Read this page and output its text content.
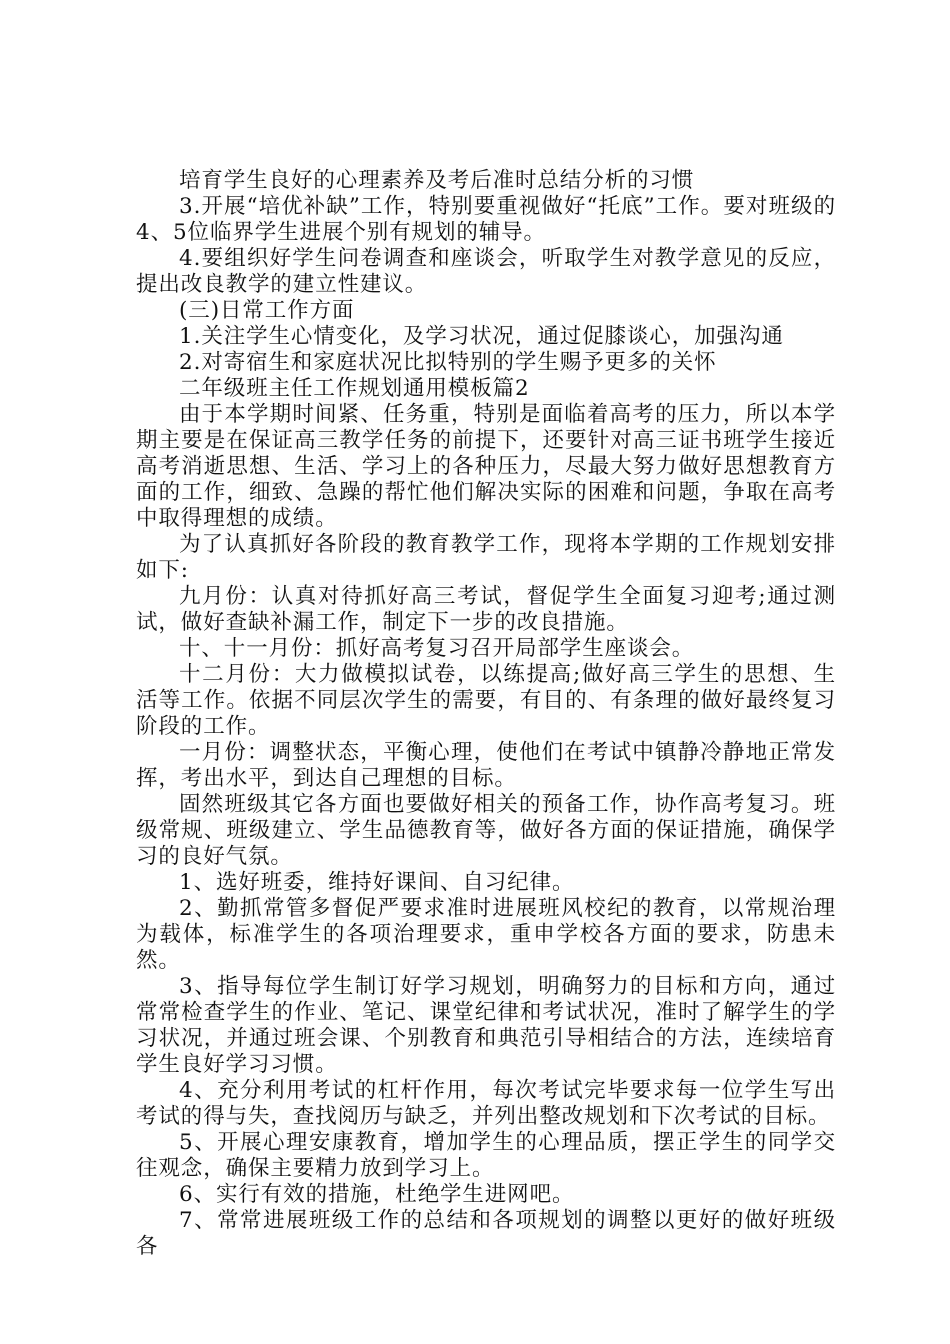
培育学生良好的心理素养及考后准时总结分析的习惯

3.开展“培优补缺”工作，特别要重视做好“托底”工作。要对班级的4、5位临界学生进展个别有规划的辅导。

4.要组织好学生问卷调查和座谈会，听取学生对教学意见的反应，提出改良教学的建立性建议。

(三)日常工作方面

1.关注学生心情变化，及学习状况，通过促膝谈心，加强沟通

2.对寄宿生和家庭状况比拟特别的学生赐予更多的关怀

二年级班主任工作规划通用模板篇2

由于本学期时间紧、任务重，特别是面临着高考的压力，所以本学期主要是在保证高三教学任务的前提下，还要针对高三证书班学生接近高考消逝思想、生活、学习上的各种压力，尽最大努力做好思想教育方面的工作，细致、急躁的帮忙他们解决实际的困难和问题，争取在高考中取得理想的成绩。

为了认真抓好各阶段的教育教学工作，现将本学期的工作规划安排如下:

九月份：认真对待抓好高三考试，督促学生全面复习迎考;通过测试，做好查缺补漏工作，制定下一步的改良措施。

十、十一月份：抓好高考复习召开局部学生座谈会。

十二月份：大力做模拟试卷，以练提高;做好高三学生的思想、生活等工作。依据不同层次学生的需要，有目的、有条理的做好最终复习阶段的工作。

一月份：调整状态，平衡心理，使他们在考试中镇静冷静地正常发挥，考出水平，到达自己理想的目标。

固然班级其它各方面也要做好相关的预备工作，协作高考复习。班级常规、班级建立、学生品德教育等，做好各方面的保证措施，确保学习的良好气氛。

1、选好班委，维持好课间、自习纪律。

2、勤抓常管多督促严要求准时进展班风校纪的教育，以常规治理为载体，标准学生的各项治理要求，重申学校各方面的要求，防患未然。

3、指导每位学生制订好学习规划，明确努力的目标和方向，通过常常检查学生的作业、笔记、课堂纪律和考试状况，准时了解学生的学习状况，并通过班会课、个别教育和典范引导相结合的方法，连续培育学生良好学习习惯。

4、充分利用考试的杠杆作用，每次考试完毕要求每一位学生写出考试的得与失，查找阅历与缺乏，并列出整改规划和下次考试的目标。

5、开展心理安康教育，增加学生的心理品质，摆正学生的同学交往观念，确保主要精力放到学习上。

6、实行有效的措施，杜绝学生进网吧。

7、常常进展班级工作的总结和各项规划的调整以更好的做好班级各
